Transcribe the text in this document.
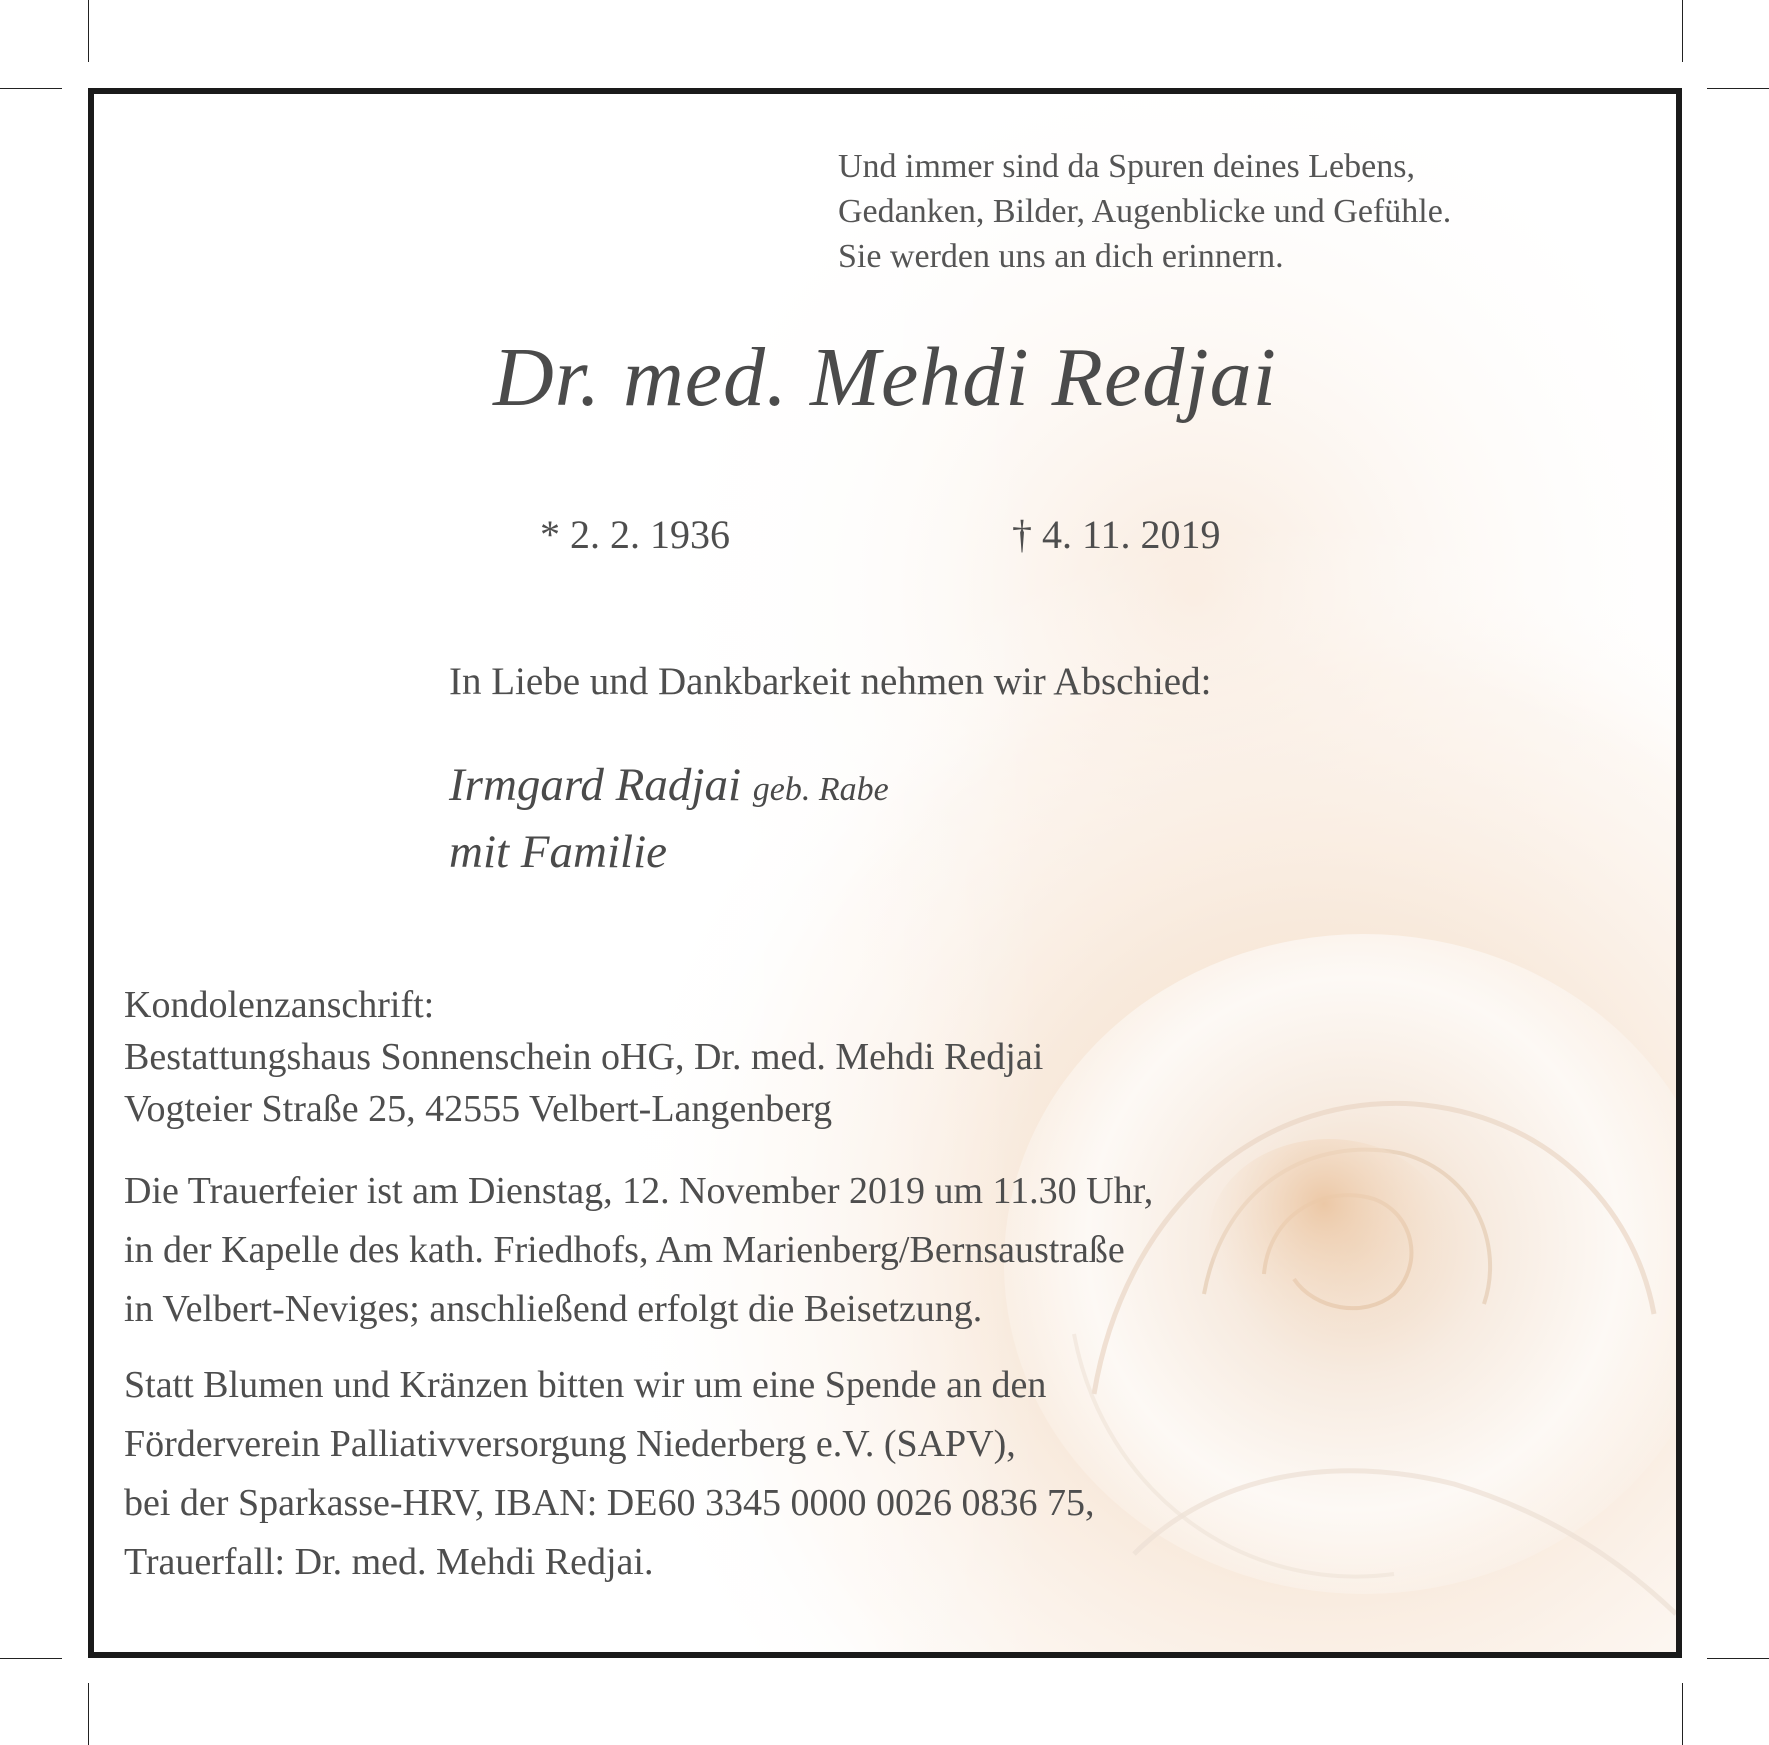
Und immer sind da Spuren deines Lebens,
Gedanken, Bilder, Augenblicke und Gefühle.
Sie werden uns an dich erinnern.
Dr. med. Mehdi Redjai
* 2. 2. 1936	† 4. 11. 2019
In Liebe und Dankbarkeit nehmen wir Abschied:
Irmgard Radjai geb. Rabe
mit Familie
Kondolenzanschrift:
Bestattungshaus Sonnenschein oHG, Dr. med. Mehdi Redjai
Vogteier Straße 25, 42555 Velbert-Langenberg
Die Trauerfeier ist am Dienstag, 12. November 2019 um 11.30 Uhr,
in der Kapelle des kath. Friedhofs, Am Marienberg/Bernsaustraße
in Velbert-Neviges; anschließend erfolgt die Beisetzung.
Statt Blumen und Kränzen bitten wir um eine Spende an den
Förderverein Palliativversorgung Niederberg e.V. (SAPV),
bei der Sparkasse-HRV, IBAN: DE60 3345 0000 0026 0836 75,
Trauerfall: Dr. med. Mehdi Redjai.
